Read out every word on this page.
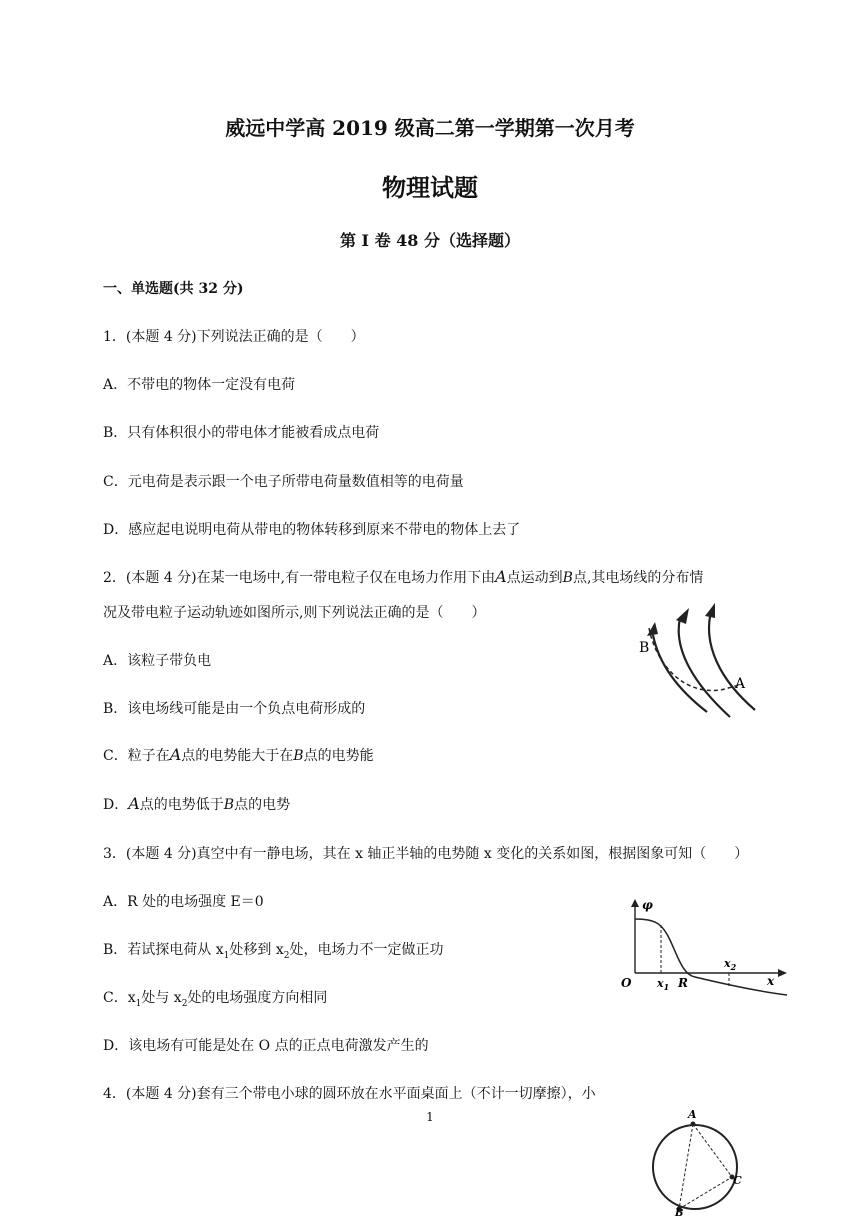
威远中学高 2019 级高二第一学期第一次月考
物理试题
第 I 卷 48 分（选择题）
一、单选题(共 32 分)
1．(本题 4 分)下列说法正确的是（　　）
A．不带电的物体一定没有电荷
B．只有体积很小的带电体才能被看成点电荷
C．元电荷是表示跟一个电子所带电荷量数值相等的电荷量
D．感应起电说明电荷从带电的物体转移到原来不带电的物体上去了
2．(本题 4 分)在某一电场中,有一带电粒子仅在电场力作用下由A点运动到B点,其电场线的分布情
况及带电粒子运动轨迹如图所示,则下列说法正确的是（　　）
A．该粒子带负电
B．该电场线可能是由一个负点电荷形成的
C．粒子在A点的电势能大于在B点的电势能
D．A点的电势低于B点的电势
B
A
3．(本题 4 分)真空中有一静电场，其在 x 轴正半轴的电势随 x 变化的关系如图，根据图象可知（　　）
A．R 处的电场强度 E＝0
B．若试探电荷从 $x_1$处移到 $x_2$处，电场力不一定做正功
C．$x_1$处与 $x_2$处的电场强度方向相同
D．该电场有可能是处在 O 点的正点电荷激发产生的
φ
O $x_1$ R
$x_2$
x
4．(本题 4 分)套有三个带电小球的圆环放在水平面桌面上（不计一切摩擦），小
A
B
C
1
